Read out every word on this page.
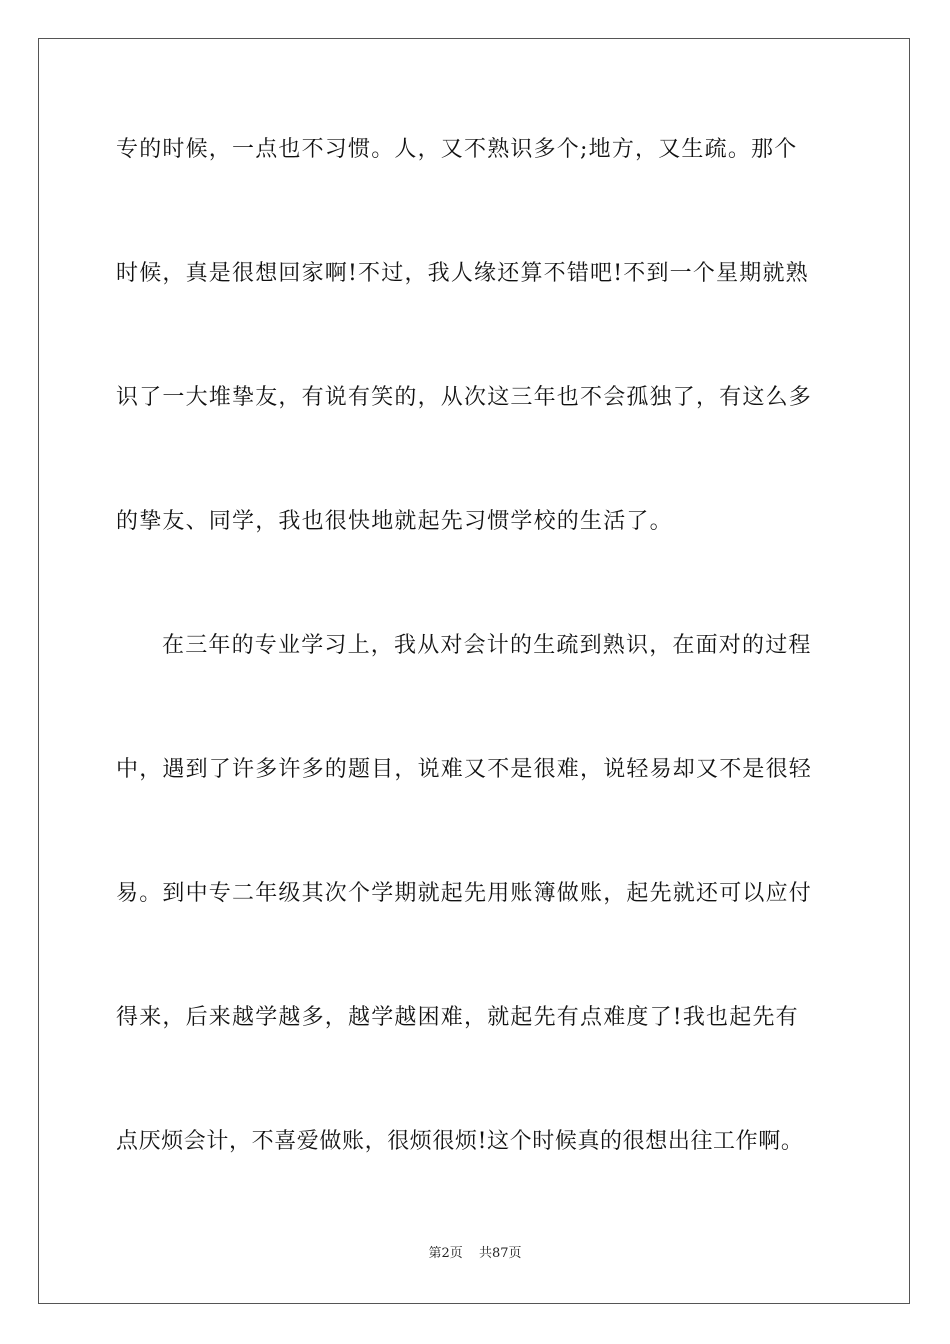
专的时候，一点也不习惯。人，又不熟识多个;地方，又生疏。那个
时候，真是很想回家啊!不过，我人缘还算不错吧!不到一个星期就熟
识了一大堆挚友，有说有笑的，从次这三年也不会孤独了，有这么多
的挚友、同学，我也很快地就起先习惯学校的生活了。
在三年的专业学习上，我从对会计的生疏到熟识，在面对的过程
中，遇到了许多许多的题目，说难又不是很难，说轻易却又不是很轻
易。到中专二年级其次个学期就起先用账簿做账，起先就还可以应付
得来，后来越学越多，越学越困难，就起先有点难度了!我也起先有
点厌烦会计，不喜爱做账，很烦很烦!这个时候真的很想出往工作啊。
第2页 共87页
